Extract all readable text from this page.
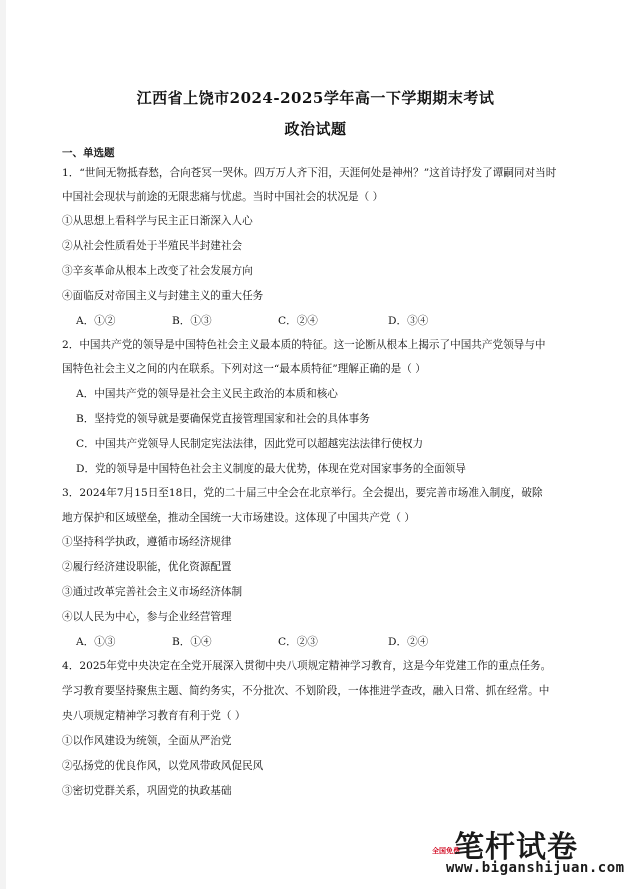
江西省上饶市2024-2025学年高一下学期期末考试
政治试题
一、单选题
1．“世间无物抵春愁，合向苍冥一哭休。四万万人齐下泪，天涯何处是神州？”这首诗抒发了谭嗣同对当时
中国社会现状与前途的无限悲痛与忧虑。当时中国社会的状况是（ ）
①从思想上看科学与民主正日渐深入人心
②从社会性质看处于半殖民半封建社会
③辛亥革命从根本上改变了社会发展方向
④面临反对帝国主义与封建主义的重大任务
A．①②	B．①③	C．②④	D．③④
2．中国共产党的领导是中国特色社会主义最本质的特征。这一论断从根本上揭示了中国共产党领导与中
国特色社会主义之间的内在联系。下列对这一“最本质特征”理解正确的是（ ）
A．中国共产党的领导是社会主义民主政治的本质和核心
B．坚持党的领导就是要确保党直接管理国家和社会的具体事务
C．中国共产党领导人民制定宪法法律，因此党可以超越宪法法律行使权力
D．党的领导是中国特色社会主义制度的最大优势，体现在党对国家事务的全面领导
3．2024年7月15日至18日，党的二十届三中全会在北京举行。全会提出，要完善市场准入制度，破除
地方保护和区域壁垒，推动全国统一大市场建设。这体现了中国共产党（ ）
①坚持科学执政，遵循市场经济规律
②履行经济建设职能，优化资源配置
③通过改革完善社会主义市场经济体制
④以人民为中心，参与企业经营管理
A．①③	B．①④	C．②③	D．②④
4．2025年党中央决定在全党开展深入贯彻中央八项规定精神学习教育，这是今年党建工作的重点任务。
学习教育要坚持聚焦主题、简约务实，不分批次、不划阶段，一体推进学查改，融入日常、抓在经常。中
央八项规定精神学习教育有利于党（ ）
①以作风建设为统领，全面从严治党
②弘扬党的优良作风，以党风带政风促民风
③密切党群关系，巩固党的执政基础
全国免费
笔杆试卷
www.biganshijuan.com
